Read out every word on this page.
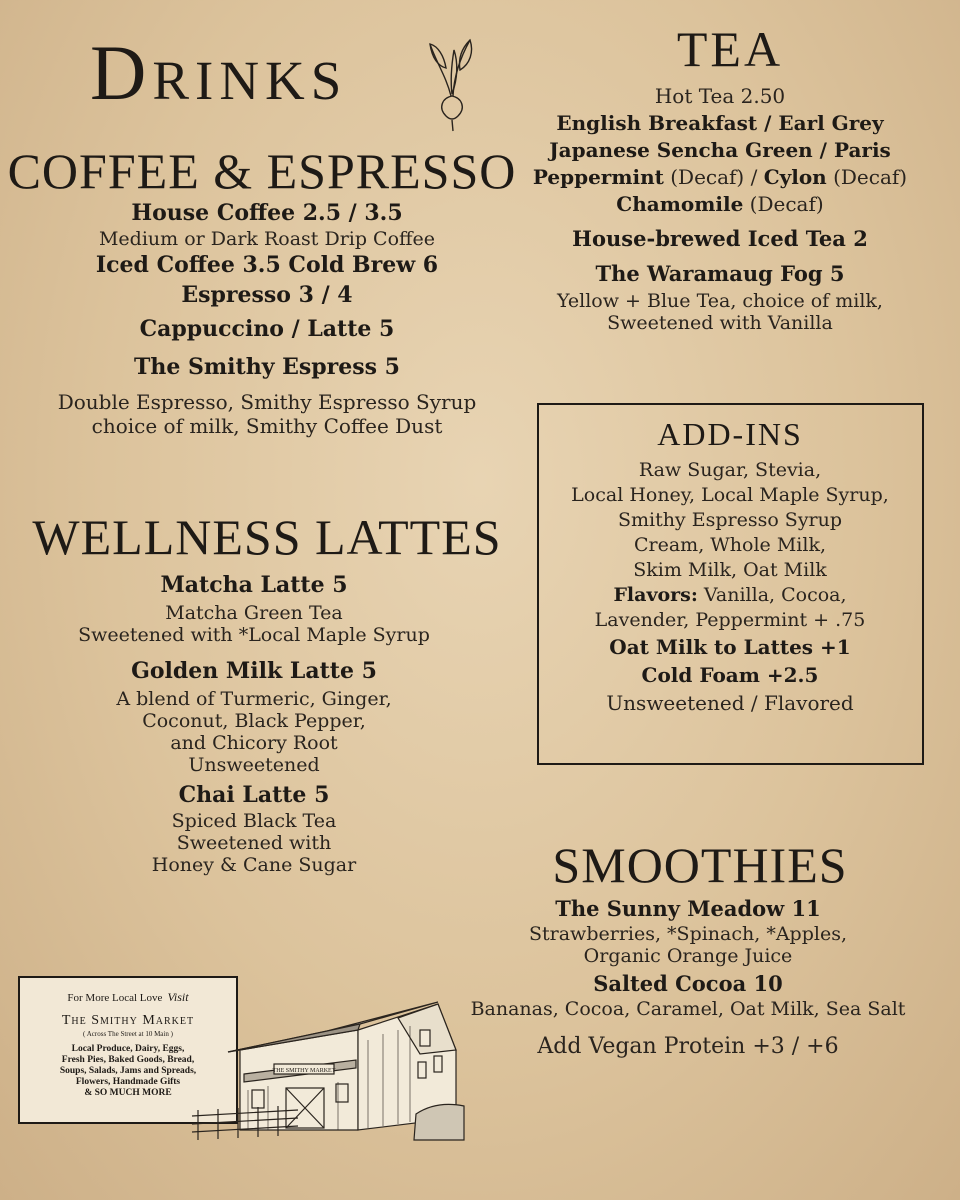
Drinks
COFFEE & ESPRESSO
House Coffee 2.5 / 3.5
Medium or Dark Roast Drip Coffee
Iced Coffee 3.5 Cold Brew 6
Espresso 3 / 4
Cappuccino / Latte 5
The Smithy Espress 5
Double Espresso, Smithy Espresso Syrup
choice of milk, Smithy Coffee Dust
WELLNESS LATTES
Matcha Latte 5
Matcha Green Tea
Sweetened with *Local Maple Syrup
Golden Milk Latte 5
A blend of Turmeric, Ginger,
Coconut, Black Pepper,
and Chicory Root
Unsweetened
Chai Latte 5
Spiced Black Tea
Sweetened with
Honey & Cane Sugar
TEA
Hot Tea 2.50
English Breakfast / Earl Grey
Japanese Sencha Green / Paris
Peppermint (Decaf) / Cylon (Decaf)
Chamomile (Decaf)
House-brewed Iced Tea 2
The Waramaug Fog 5
Yellow + Blue Tea, choice of milk,
Sweetened with Vanilla
ADD-INS
Raw Sugar, Stevia,
Local Honey, Local Maple Syrup,
Smithy Espresso Syrup
Cream, Whole Milk,
Skim Milk, Oat Milk
Flavors: Vanilla, Cocoa,
Lavender, Peppermint + .75
Oat Milk to Lattes +1
Cold Foam +2.5
Unsweetened / Flavored
SMOOTHIES
The Sunny Meadow 11
Strawberries, *Spinach, *Apples,
Organic Orange Juice
Salted Cocoa 10
Bananas, Cocoa, Caramel, Oat Milk, Sea Salt
Add Vegan Protein +3 / +6
For More Local Love Visit
The Smithy Market
( Across The Street at 10 Main )
Local Produce, Dairy, Eggs,
Fresh Pies, Baked Goods, Bread,
Soups, Salads, Jams and Spreads,
Flowers, Handmade Gifts
& SO MUCH MORE
THE SMITHY MARKET
